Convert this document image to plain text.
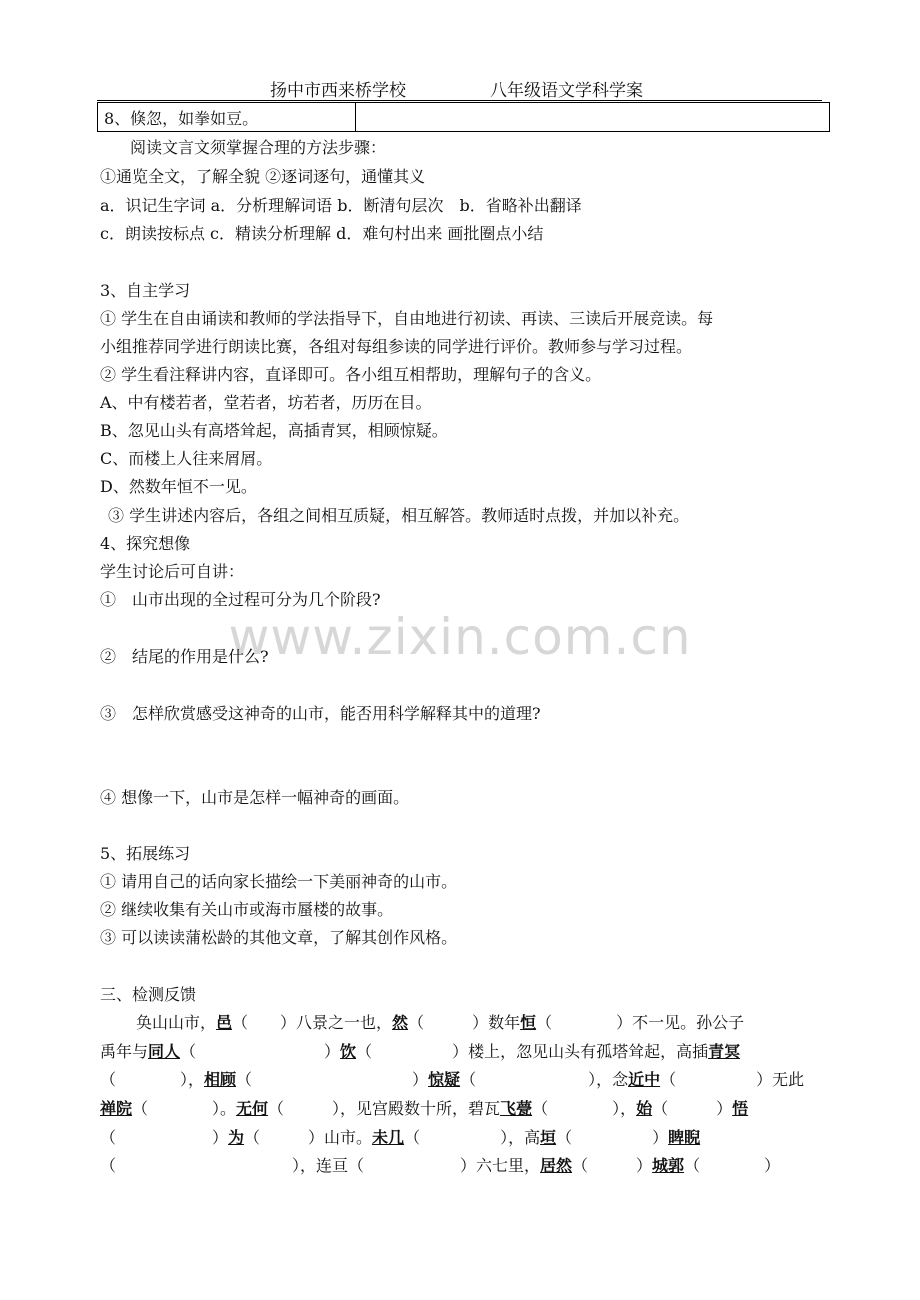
扬中市西来桥学校	八年级语文学科学案
8、倏忽，如拳如豆。	
阅读文言文须掌握合理的方法步骤：
①通览全文，了解全貌 ②逐词逐句，通懂其义
a．识记生字词 a．分析理解词语 b．断清句层次　b．省略补出翻译
c．朗读按标点 c．精读分析理解 d．难句村出来 画批圈点小结
3、自主学习
① 学生在自由诵读和教师的学法指导下，自由地进行初读、再读、三读后开展竞读。每
小组推荐同学进行朗读比赛，各组对每组参读的同学进行评价。教师参与学习过程。
② 学生看注释讲内容，直译即可。各小组互相帮助，理解句子的含义。
A、中有楼若者，堂若者，坊若者，历历在目。
B、忽见山头有高塔耸起，高插青冥，相顾惊疑。
C、而楼上人往来屑屑。
D、然数年恒不一见。
③ 学生讲述内容后，各组之间相互质疑，相互解答。教师适时点拨，并加以补充。
4、探究想像
学生讨论后可自讲：
①　山市出现的全过程可分为几个阶段?
www.zixin.com.cn
②　结尾的作用是什么?
③　怎样欣赏感受这神奇的山市，能否用科学解释其中的道理?
④ 想像一下，山市是怎样一幅神奇的画面。
5、拓展练习
① 请用自己的话向家长描绘一下美丽神奇的山市。
② 继续收集有关山市或海市蜃楼的故事。
③ 可以读读蒲松龄的其他文章，了解其创作风格。
三、检测反馈
奂山山市，邑（　　）八景之一也，然（　　　）数年恒（　　　　）不一见。孙公子
禹年与同人（　　　　　　　　）饮（　　　　　）楼上，忽见山头有孤塔耸起，高插青冥
（　　　　），相顾（　　　　　　　　　　）惊疑（　　　　　　　），念近中（　　　　　）无此
禅院（　　　　）。无何（　　　），见宫殿数十所，碧瓦飞甍（　　　　），始（　　　）悟
（　　　　　　）为（　　　）山市。未几（　　　　　），高垣（　　　　　）睥睨
（　　　　　　　　　　　），连亘（　　　　　　）六七里，居然（　　　）城郭（　　　　）
